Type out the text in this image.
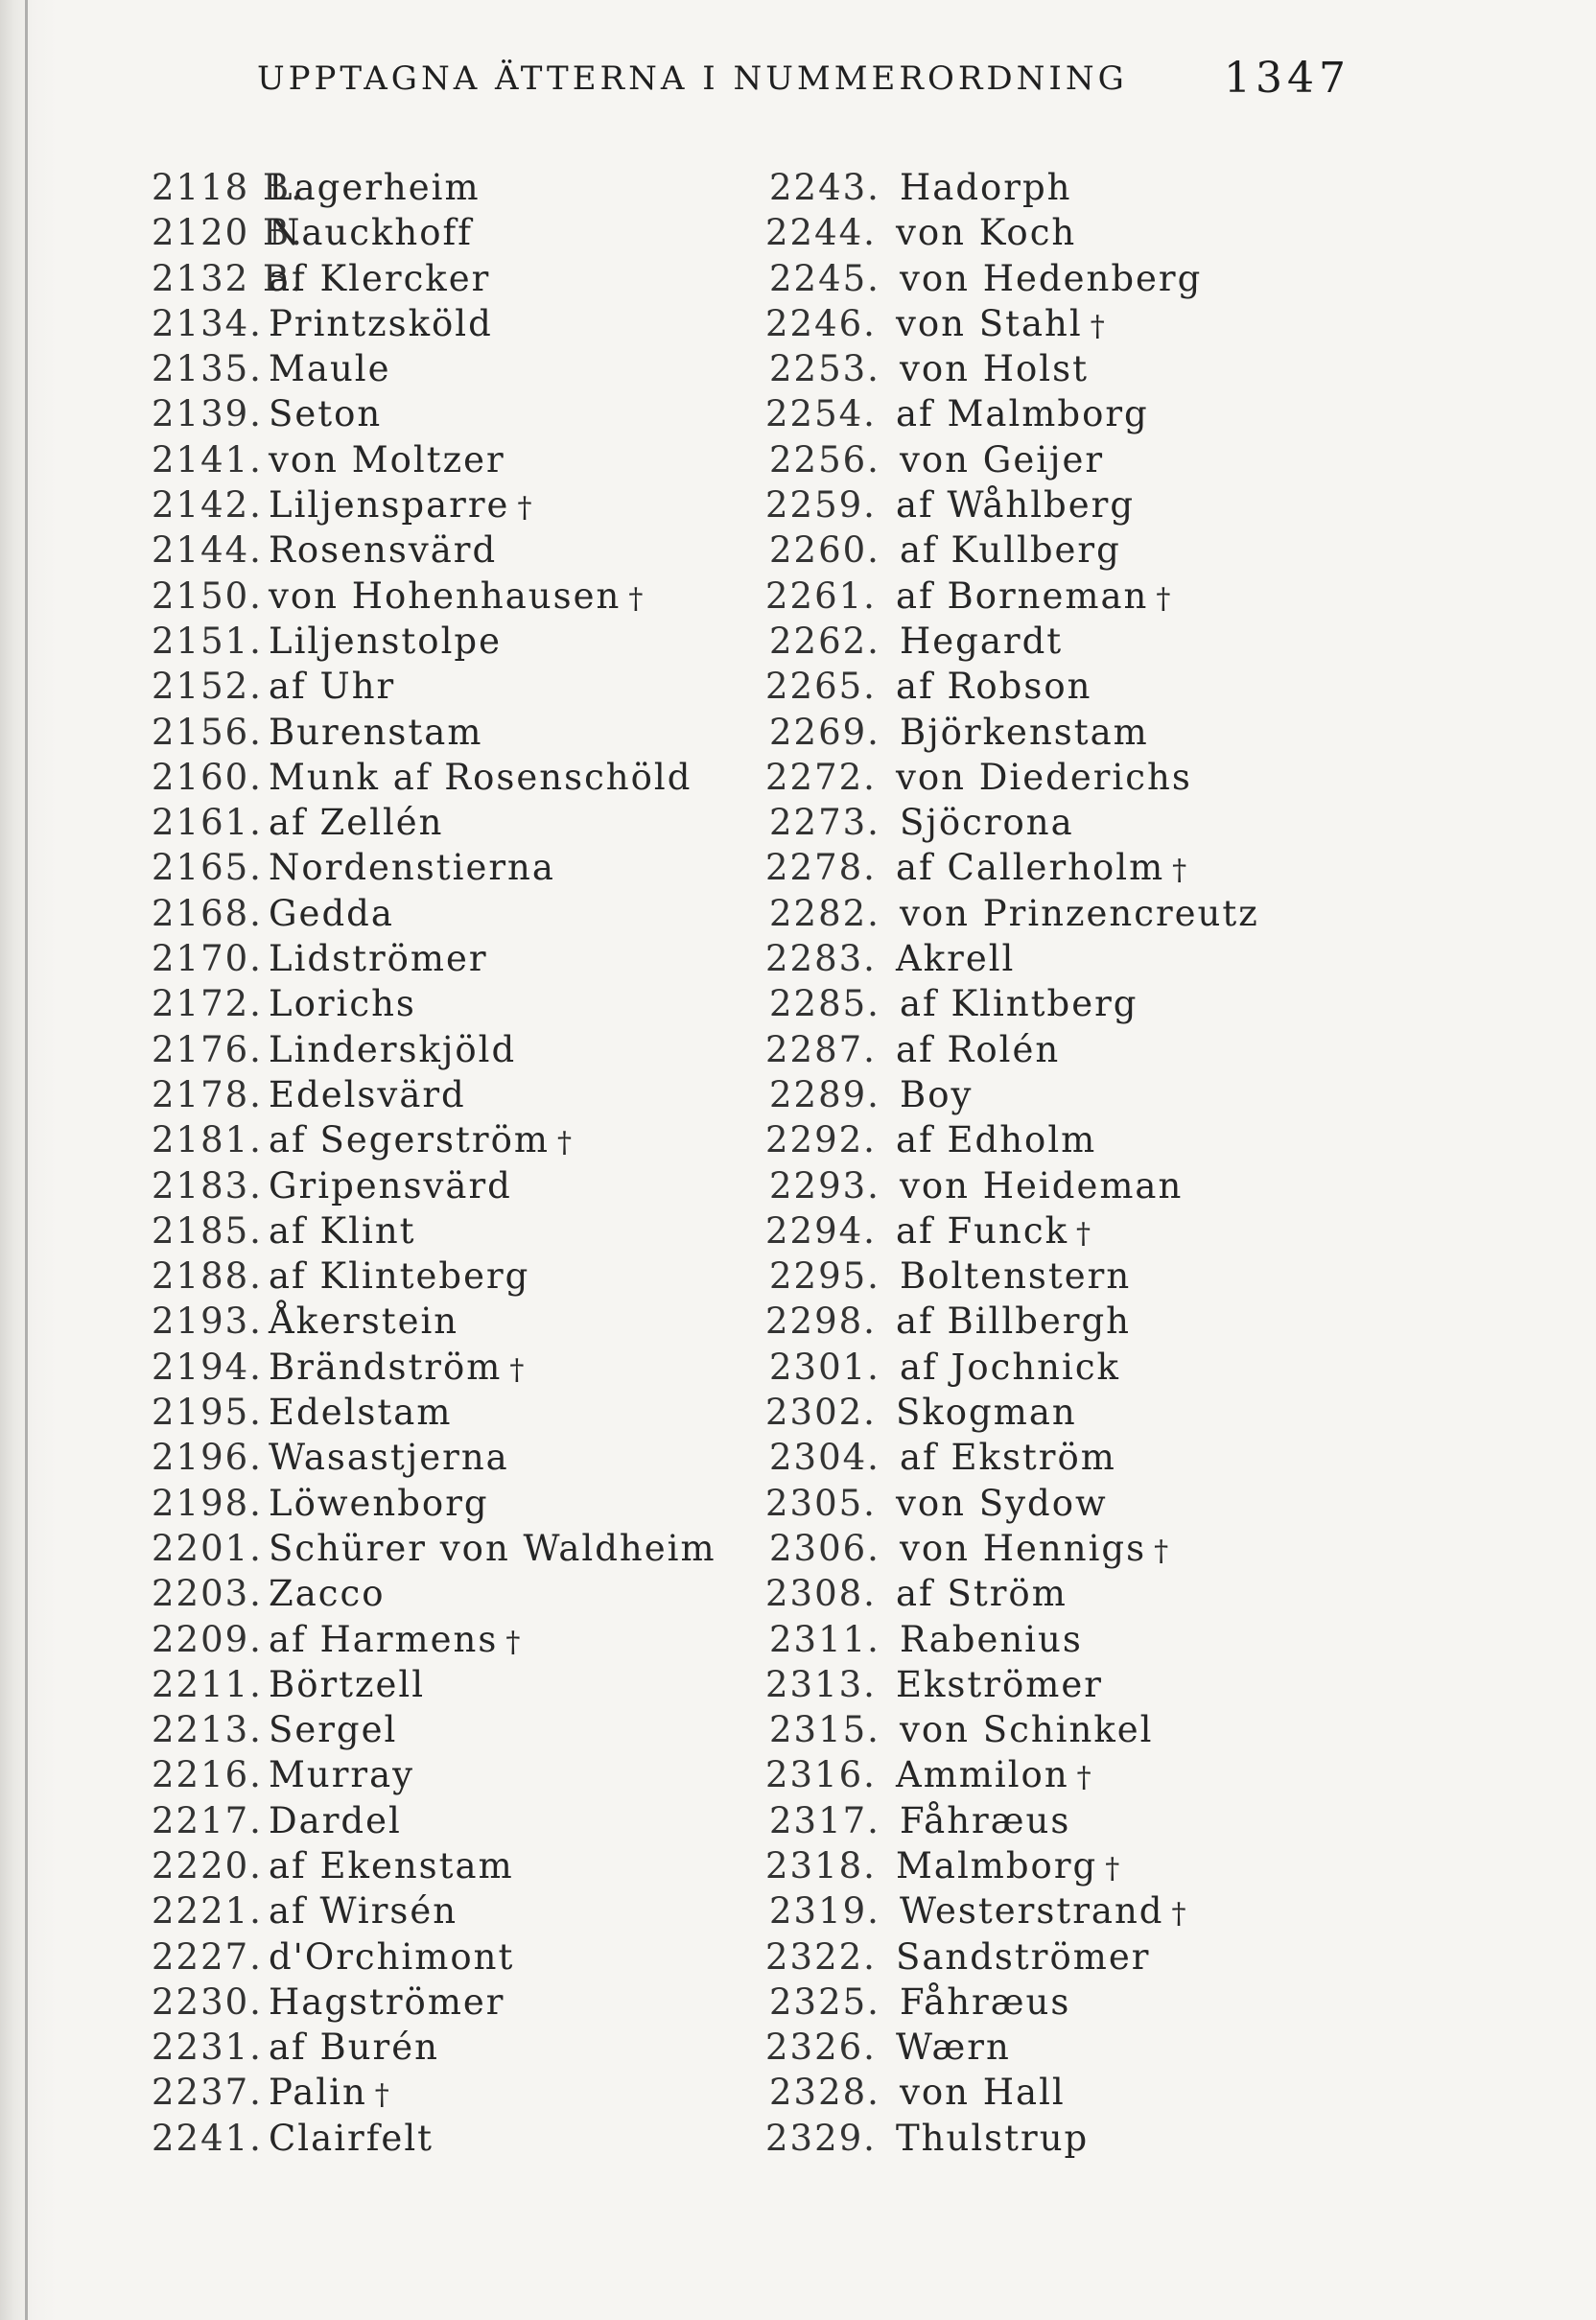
UPPTAGNA ÄTTERNA I NUMMERORDNING 1347
2118 B.Lagerheim
2120 B.Nauckhoff
2132 B.af Klercker
2134. Printzsköld
2135. Maule
2139. Seton
2141. von Moltzer
2142. Liljensparre †
2144. Rosensvärd
2150. von Hohenhausen †
2151. Liljenstolpe
2152. af Uhr
2156. Burenstam
2160. Munk af Rosenschöld
2161. af Zellén
2165. Nordenstierna
2168. Gedda
2170. Lidströmer
2172. Lorichs
2176. Linderskjöld
2178. Edelsvärd
2181. af Segerström †
2183. Gripensvärd
2185. af Klint
2188. af Klinteberg
2193. Åkerstein
2194. Brändström †
2195. Edelstam
2196. Wasastjerna
2198. Löwenborg
2201. Schürer von Waldheim
2203. Zacco
2209. af Harmens †
2211. Börtzell
2213. Sergel
2216. Murray
2217. Dardel
2220. af Ekenstam
2221. af Wirsén
2227. d'Orchimont
2230. Hagströmer
2231. af Burén
2237. Palin †
2241. Clairfelt
2243. Hadorph
2244. von Koch
2245. von Hedenberg
2246. von Stahl †
2253. von Holst
2254. af Malmborg
2256. von Geijer
2259. af Wåhlberg
2260. af Kullberg
2261. af Borneman †
2262. Hegardt
2265. af Robson
2269. Björkenstam
2272. von Diederichs
2273. Sjöcrona
2278. af Callerholm †
2282. von Prinzencreutz
2283. Akrell
2285. af Klintberg
2287. af Rolén
2289. Boy
2292. af Edholm
2293. von Heideman
2294. af Funck †
2295. Boltenstern
2298. af Billbergh
2301. af Jochnick
2302. Skogman
2304. af Ekström
2305. von Sydow
2306. von Hennigs †
2308. af Ström
2311. Rabenius
2313. Ekströmer
2315. von Schinkel
2316. Ammilon †
2317. Fåhræus
2318. Malmborg †
2319. Westerstrand †
2322. Sandströmer
2325. Fåhræus
2326. Wærn
2328. von Hall
2329. Thulstrup
